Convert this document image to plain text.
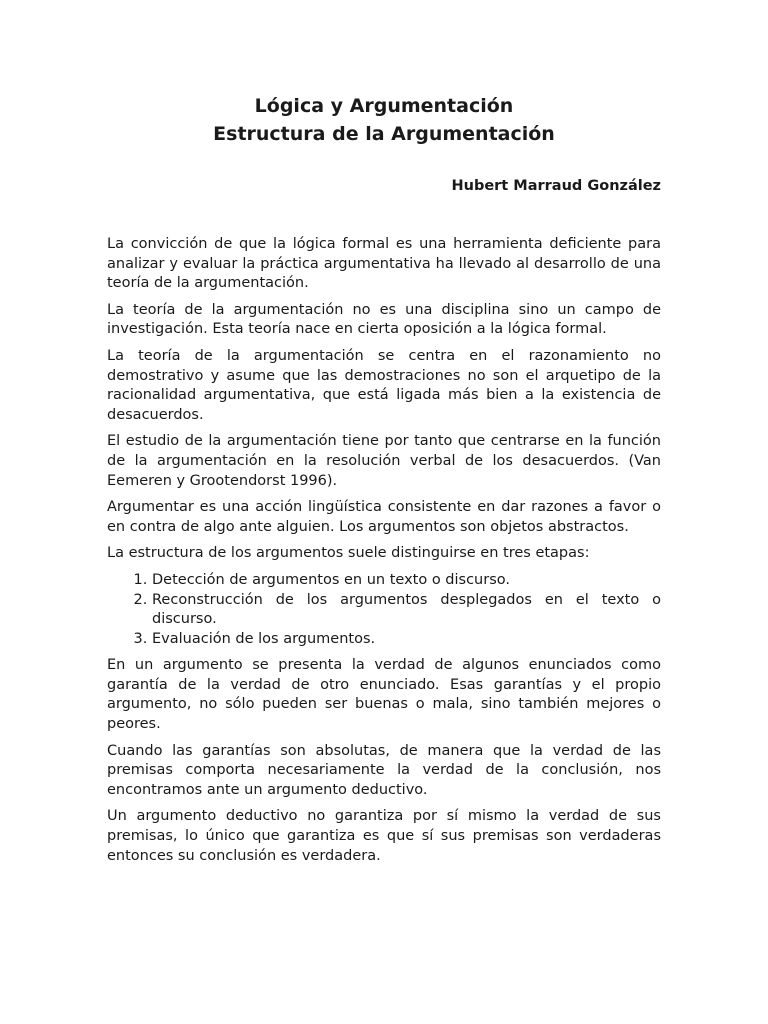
Lógica y Argumentación
Estructura de la Argumentación

Hubert Marraud González

La convicción de que la lógica formal es una herramienta deficiente para analizar y evaluar la práctica argumentativa ha llevado al desarrollo de una teoría de la argumentación.

La teoría de la argumentación no es una disciplina sino un campo de investigación. Esta teoría nace en cierta oposición a la lógica formal.

La teoría de la argumentación se centra en el razonamiento no demostrativo y asume que las demostraciones no son el arquetipo de la racionalidad argumentativa, que está ligada más bien a la existencia de desacuerdos.

El estudio de la argumentación tiene por tanto que centrarse en la función de la argumentación en la resolución verbal de los desacuerdos. (Van Eemeren y Grootendorst 1996).

Argumentar es una acción lingüística consistente en dar razones a favor o en contra de algo ante alguien. Los argumentos son objetos abstractos.

La estructura de los argumentos suele distinguirse en tres etapas:

1. Detección de argumentos en un texto o discurso.
2. Reconstrucción de los argumentos desplegados en el texto o discurso.
3. Evaluación de los argumentos.

En un argumento se presenta la verdad de algunos enunciados como garantía de la verdad de otro enunciado. Esas garantías y el propio argumento, no sólo pueden ser buenas o mala, sino también mejores o peores.

Cuando las garantías son absolutas, de manera que la verdad de las premisas comporta necesariamente la verdad de la conclusión, nos encontramos ante un argumento deductivo.

Un argumento deductivo no garantiza por sí mismo la verdad de sus premisas, lo único que garantiza es que sí sus premisas son verdaderas entonces su conclusión es verdadera.
